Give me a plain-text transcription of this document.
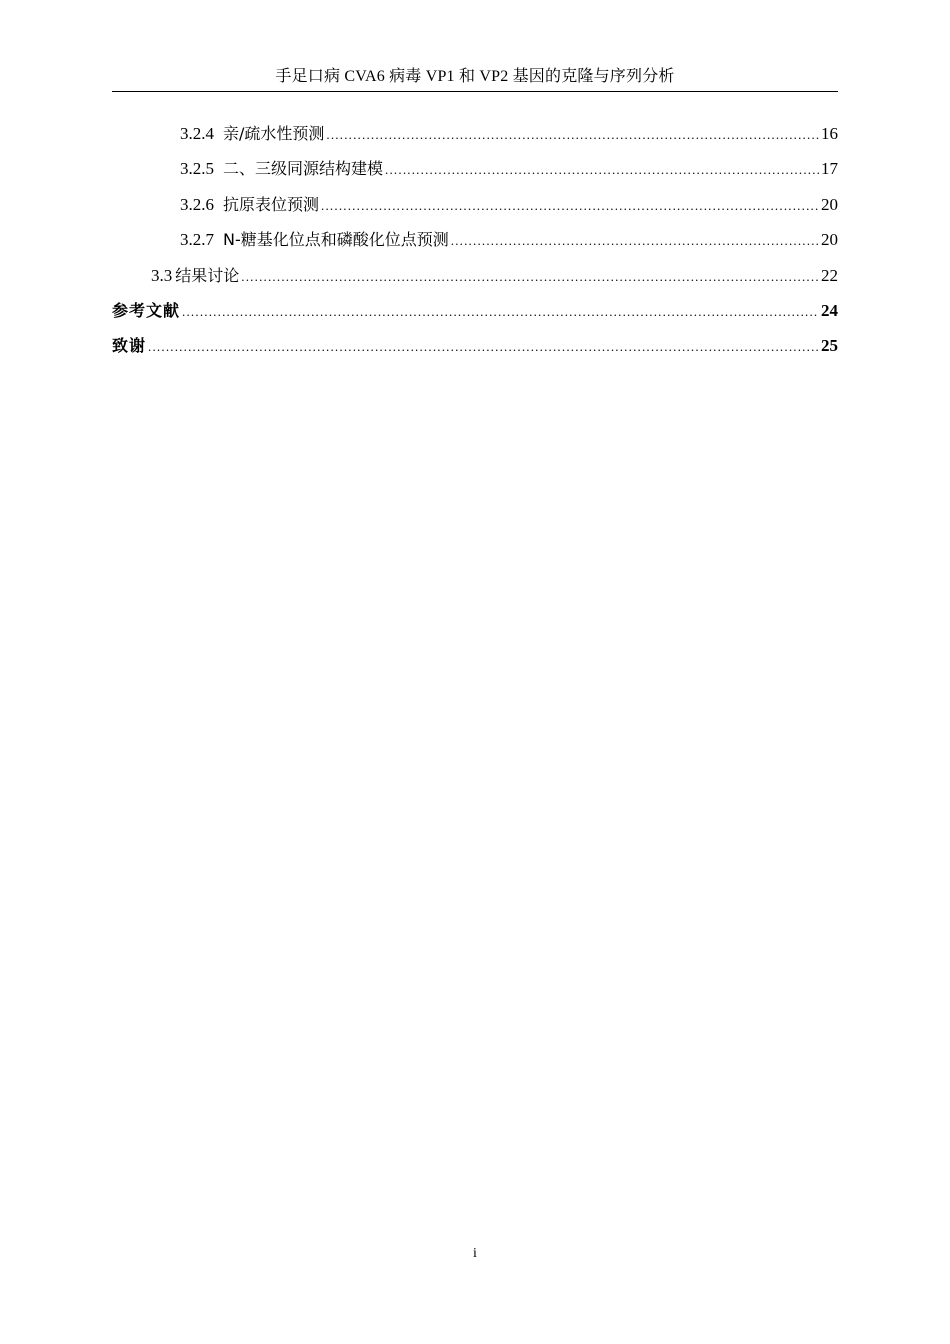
手足口病 CVA6 病毒 VP1 和 VP2 基因的克隆与序列分析
3.2.4 亲/疏水性预测 .....	16
3.2.5 二、三级同源结构建模 .....	17
3.2.6 抗原表位预测 .....	20
3.2.7 N-糖基化位点和磷酸化位点预测 .....	20
3.3 结果讨论 .....	22
参考文献 .....	24
致谢 .....	25
i
